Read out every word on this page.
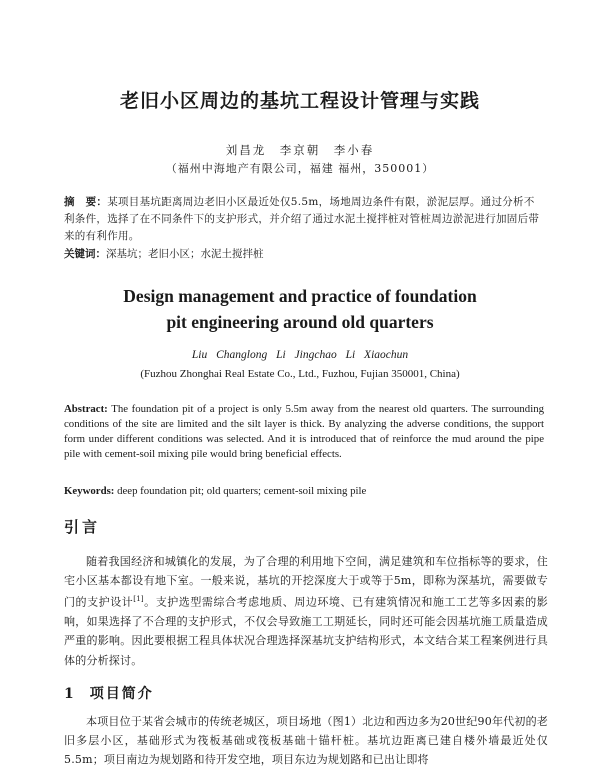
老旧小区周边的基坑工程设计管理与实践
刘昌龙　李京朝　李小春
（福州中海地产有限公司，福建 福州，350001）
摘　要：某项目基坑距离周边老旧小区最近处仅5.5m，场地周边条件有限，淤泥层厚。通过分析不利条件，选择了在不同条件下的支护形式，并介绍了通过水泥土搅拌桩对管桩周边淤泥进行加固后带来的有利作用。
关键词：深基坑；老旧小区；水泥土搅拌桩
Design management and practice of foundation
pit engineering around old quarters
Liu Changlong Li Jingchao Li Xiaochun
(Fuzhou Zhonghai Real Estate Co., Ltd., Fuzhou, Fujian 350001, China)
Abstract: The foundation pit of a project is only 5.5m away from the nearest old quarters. The surrounding conditions of the site are limited and the silt layer is thick. By analyzing the adverse conditions, the support form under different conditions was selected. And it is introduced that of reinforce the mud around the pipe pile with cement-soil mixing pile would bring beneficial effects.
Keywords: deep foundation pit; old quarters; cement-soil mixing pile
引言
随着我国经济和城镇化的发展，为了合理的利用地下空间，满足建筑和车位指标等的要求，住宅小区基本都设有地下室。一般来说，基坑的开挖深度大于或等于5m，即称为深基坑，需要做专门的支护设计[1]。支护选型需综合考虑地质、周边环境、已有建筑情况和施工工艺等多因素的影响，如果选择了不合理的支护形式，不仅会导致施工工期延长，同时还可能会因基坑施工质量造成严重的影响。因此要根据工程具体状况合理选择深基坑支护结构形式，本文结合某工程案例进行具体的分析探讨。
1 项目简介
本项目位于某省会城市的传统老城区，项目场地（图1）北边和西边多为20世纪90年代初的老旧多层小区，基础形式为筏板基础或筏板基础十锚杆桩。基坑边距离已建自楼外墙最近处仅5.5m；项目南边为规划路和待开发空地，项目东边为规划路和已出让即将
